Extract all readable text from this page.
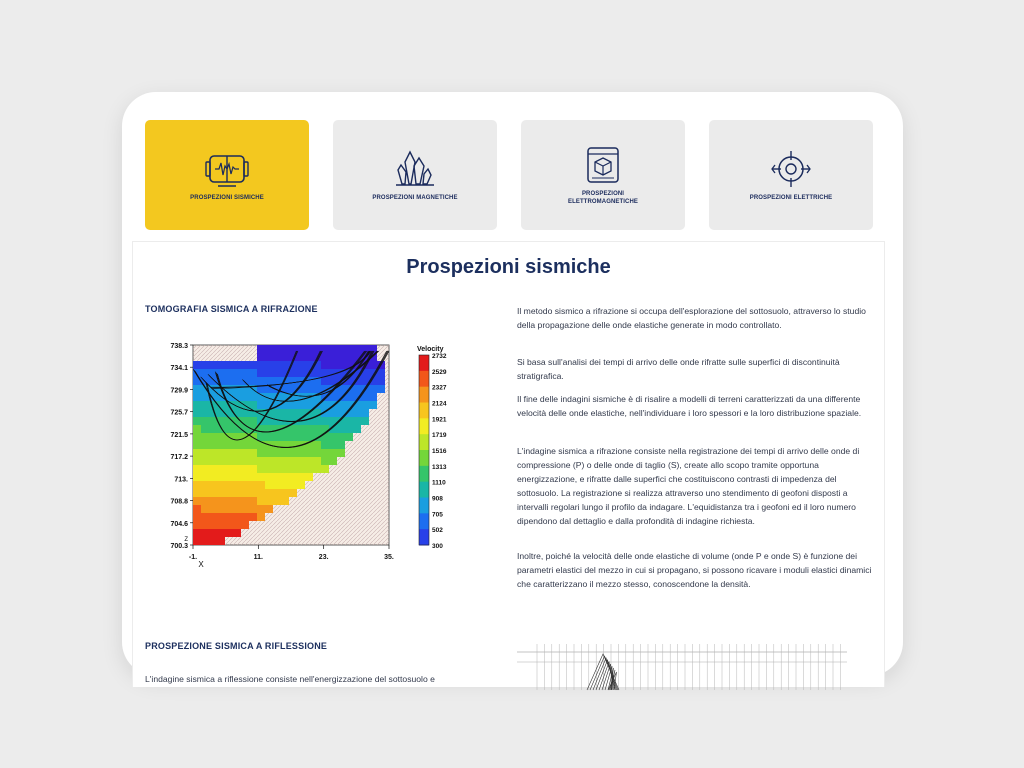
PROSPEZIONI SISMICHE	PROSPEZIONI MAGNETICHE
PROSPEZIONI ELETTROMAGNETICHE
PROSPEZIONI ELETTRICHE
Prospezioni sismiche
TOMOGRAFIA SISMICA A RIFRAZIONE
738.3
734.1
729.9
725.7
721.5
717.2
713.
708.8
704.6
700.3
Z
-1.	11.	23.	35.
X
Velocity
2732
2529
2327
2124
1921
1719
1516
1313
1110
908
705
502
300

Il metodo sismico a rifrazione si occupa dell'esplorazione del sottosuolo, attraverso lo studio della propagazione delle onde elastiche generate in modo controllato.

Si basa sull'analisi dei tempi di arrivo delle onde rifratte sulle superfici di discontinuità stratigrafica.

Il fine delle indagini sismiche è di risalire a modelli di terreni caratterizzati da una differente velocità delle onde elastiche, nell'individuare i loro spessori e la loro distribuzione spaziale.

L'indagine sismica a rifrazione consiste nella registrazione dei tempi di arrivo delle onde di compressione (P) o delle onde di taglio (S), create allo scopo tramite opportuna energizzazione, e rifratte dalle superfici che costituiscono contrasti di impedenza del sottosuolo. La registrazione si realizza attraverso uno stendimento di geofoni disposti a intervalli regolari lungo il profilo da indagare. L'equidistanza tra i geofoni ed il loro numero dipendono dal dettaglio e dalla profondità di indagine richiesta.

Inoltre, poiché la velocità delle onde elastiche di volume (onde P e onde S) è funzione dei parametri elastici del mezzo in cui si propagano, si possono ricavare i moduli elastici dinamici che caratterizzano il mezzo stesso, conoscendone la densità.

PROSPEZIONE SISMICA A RIFLESSIONE
L'indagine sismica a riflessione consiste nell'energizzazione del sottosuolo e
